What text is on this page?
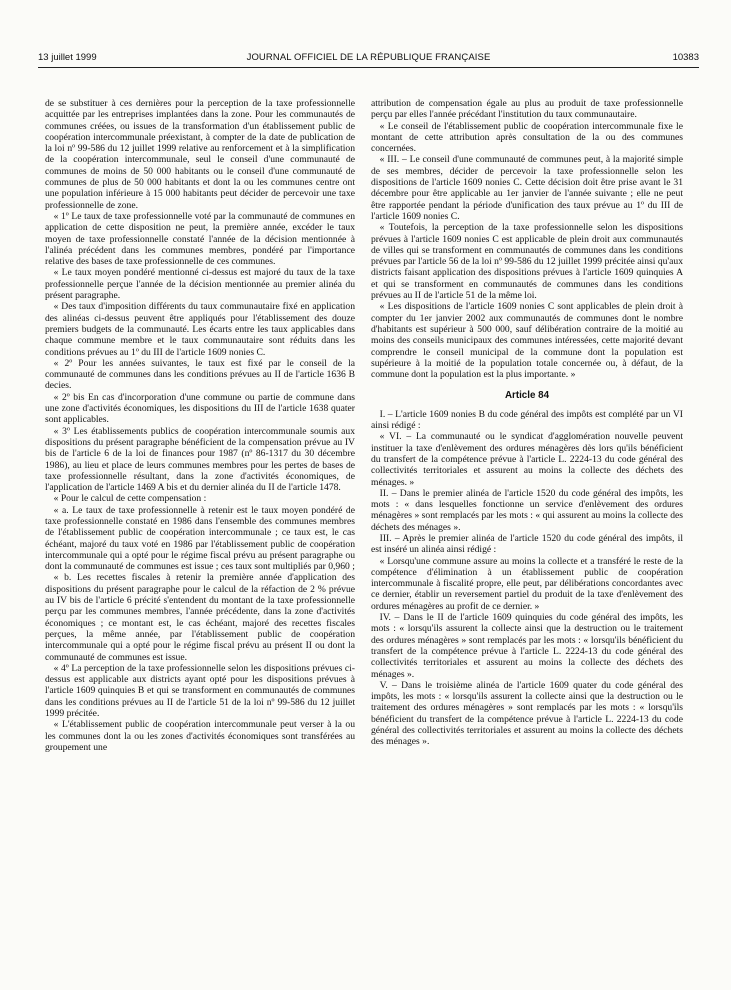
13 juillet 1999	JOURNAL OFFICIEL DE LA RÉPUBLIQUE FRANÇAISE	10383

de se substituer à ces dernières pour la perception de la taxe professionnelle acquittée par les entreprises implantées dans la zone. Pour les communautés de communes créées, ou issues de la transformation d'un établissement public de coopération intercommunale préexistant, à compter de la date de publication de la loi nº 99-586 du 12 juillet 1999 relative au renforcement et à la simplification de la coopération intercommunale, seul le conseil d'une communauté de communes de moins de 50 000 habitants ou le conseil d'une communauté de communes de plus de 50 000 habitants et dont la ou les communes centre ont une population inférieure à 15 000 habitants peut décider de percevoir une taxe professionnelle de zone.

« 1º Le taux de taxe professionnelle voté par la communauté de communes en application de cette disposition ne peut, la première année, excéder le taux moyen de taxe professionnelle constaté l'année de la décision mentionnée à l'alinéa précédent dans les communes membres, pondéré par l'importance relative des bases de taxe professionnelle de ces communes.

« Le taux moyen pondéré mentionné ci-dessus est majoré du taux de la taxe professionnelle perçue l'année de la décision mentionnée au premier alinéa du présent paragraphe.

« Des taux d'imposition différents du taux communautaire fixé en application des alinéas ci-dessus peuvent être appliqués pour l'établissement des douze premiers budgets de la communauté. Les écarts entre les taux applicables dans chaque commune membre et le taux communautaire sont réduits dans les conditions prévues au 1º du III de l'article 1609 nonies C.

« 2º Pour les années suivantes, le taux est fixé par le conseil de la communauté de communes dans les conditions prévues au II de l'article 1636 B decies.

« 2º bis En cas d'incorporation d'une commune ou partie de commune dans une zone d'activités économiques, les dispositions du III de l'article 1638 quater sont applicables.

« 3º Les établissements publics de coopération intercommunale soumis aux dispositions du présent paragraphe bénéficient de la compensation prévue au IV bis de l'article 6 de la loi de finances pour 1987 (nº 86-1317 du 30 décembre 1986), au lieu et place de leurs communes membres pour les pertes de bases de taxe professionnelle résultant, dans la zone d'activités économiques, de l'application de l'article 1469 A bis et du dernier alinéa du II de l'article 1478.

« Pour le calcul de cette compensation :

« a. Le taux de taxe professionnelle à retenir est le taux moyen pondéré de taxe professionnelle constaté en 1986 dans l'ensemble des communes membres de l'établissement public de coopération intercommunale ; ce taux est, le cas échéant, majoré du taux voté en 1986 par l'établissement public de coopération intercommunale qui a opté pour le régime fiscal prévu au présent paragraphe ou dont la communauté de communes est issue ; ces taux sont multipliés par 0,960 ;

« b. Les recettes fiscales à retenir la première année d'application des dispositions du présent paragraphe pour le calcul de la réfaction de 2 % prévue au IV bis de l'article 6 précité s'entendent du montant de la taxe professionnelle perçu par les communes membres, l'année précédente, dans la zone d'activités économiques ; ce montant est, le cas échéant, majoré des recettes fiscales perçues, la même année, par l'établissement public de coopération intercommunale qui a opté pour le régime fiscal prévu au présent II ou dont la communauté de communes est issue.

« 4º La perception de la taxe professionnelle selon les dispositions prévues ci-dessus est applicable aux districts ayant opté pour les dispositions prévues à l'article 1609 quinquies B et qui se transforment en communautés de communes dans les conditions prévues au II de l'article 51 de la loi nº 99-586 du 12 juillet 1999 précitée.

« L'établissement public de coopération intercommunale peut verser à la ou les communes dont la ou les zones d'activités économiques sont transférées au groupement une

attribution de compensation égale au plus au produit de taxe professionnelle perçu par elles l'année précédant l'institution du taux communautaire.

« Le conseil de l'établissement public de coopération intercommunale fixe le montant de cette attribution après consultation de la ou des communes concernées.

« III. – Le conseil d'une communauté de communes peut, à la majorité simple de ses membres, décider de percevoir la taxe professionnelle selon les dispositions de l'article 1609 nonies C. Cette décision doit être prise avant le 31 décembre pour être applicable au 1er janvier de l'année suivante ; elle ne peut être rapportée pendant la période d'unification des taux prévue au 1º du III de l'article 1609 nonies C.

« Toutefois, la perception de la taxe professionnelle selon les dispositions prévues à l'article 1609 nonies C est applicable de plein droit aux communautés de villes qui se transforment en communautés de communes dans les conditions prévues par l'article 56 de la loi nº 99-586 du 12 juillet 1999 précitée ainsi qu'aux districts faisant application des dispositions prévues à l'article 1609 quinquies A et qui se transforment en communautés de communes dans les conditions prévues au II de l'article 51 de la même loi.

« Les dispositions de l'article 1609 nonies C sont applicables de plein droit à compter du 1er janvier 2002 aux communautés de communes dont le nombre d'habitants est supérieur à 500 000, sauf délibération contraire de la moitié au moins des conseils municipaux des communes intéressées, cette majorité devant comprendre le conseil municipal de la commune dont la population est supérieure à la moitié de la population totale concernée ou, à défaut, de la commune dont la population est la plus importante. »

Article 84

I. – L'article 1609 nonies B du code général des impôts est complété par un VI ainsi rédigé :

« VI. – La communauté ou le syndicat d'agglomération nouvelle peuvent instituer la taxe d'enlèvement des ordures ménagères dès lors qu'ils bénéficient du transfert de la compétence prévue à l'article L. 2224-13 du code général des collectivités territoriales et assurent au moins la collecte des déchets des ménages. »

II. – Dans le premier alinéa de l'article 1520 du code général des impôts, les mots : « dans lesquelles fonctionne un service d'enlèvement des ordures ménagères » sont remplacés par les mots : « qui assurent au moins la collecte des déchets des ménages ».

III. – Après le premier alinéa de l'article 1520 du code général des impôts, il est inséré un alinéa ainsi rédigé :

« Lorsqu'une commune assure au moins la collecte et a transféré le reste de la compétence d'élimination à un établissement public de coopération intercommunale à fiscalité propre, elle peut, par délibérations concordantes avec ce dernier, établir un reversement partiel du produit de la taxe d'enlèvement des ordures ménagères au profit de ce dernier. »

IV. – Dans le II de l'article 1609 quinquies du code général des impôts, les mots : « lorsqu'ils assurent la collecte ainsi que la destruction ou le traitement des ordures ménagères » sont remplacés par les mots : « lorsqu'ils bénéficient du transfert de la compétence prévue à l'article L. 2224-13 du code général des collectivités territoriales et assurent au moins la collecte des déchets des ménages ».

V. – Dans le troisième alinéa de l'article 1609 quater du code général des impôts, les mots : « lorsqu'ils assurent la collecte ainsi que la destruction ou le traitement des ordures ménagères » sont remplacés par les mots : « lorsqu'ils bénéficient du transfert de la compétence prévue à l'article L. 2224-13 du code général des collectivités territoriales et assurent au moins la collecte des déchets des ménages ».
